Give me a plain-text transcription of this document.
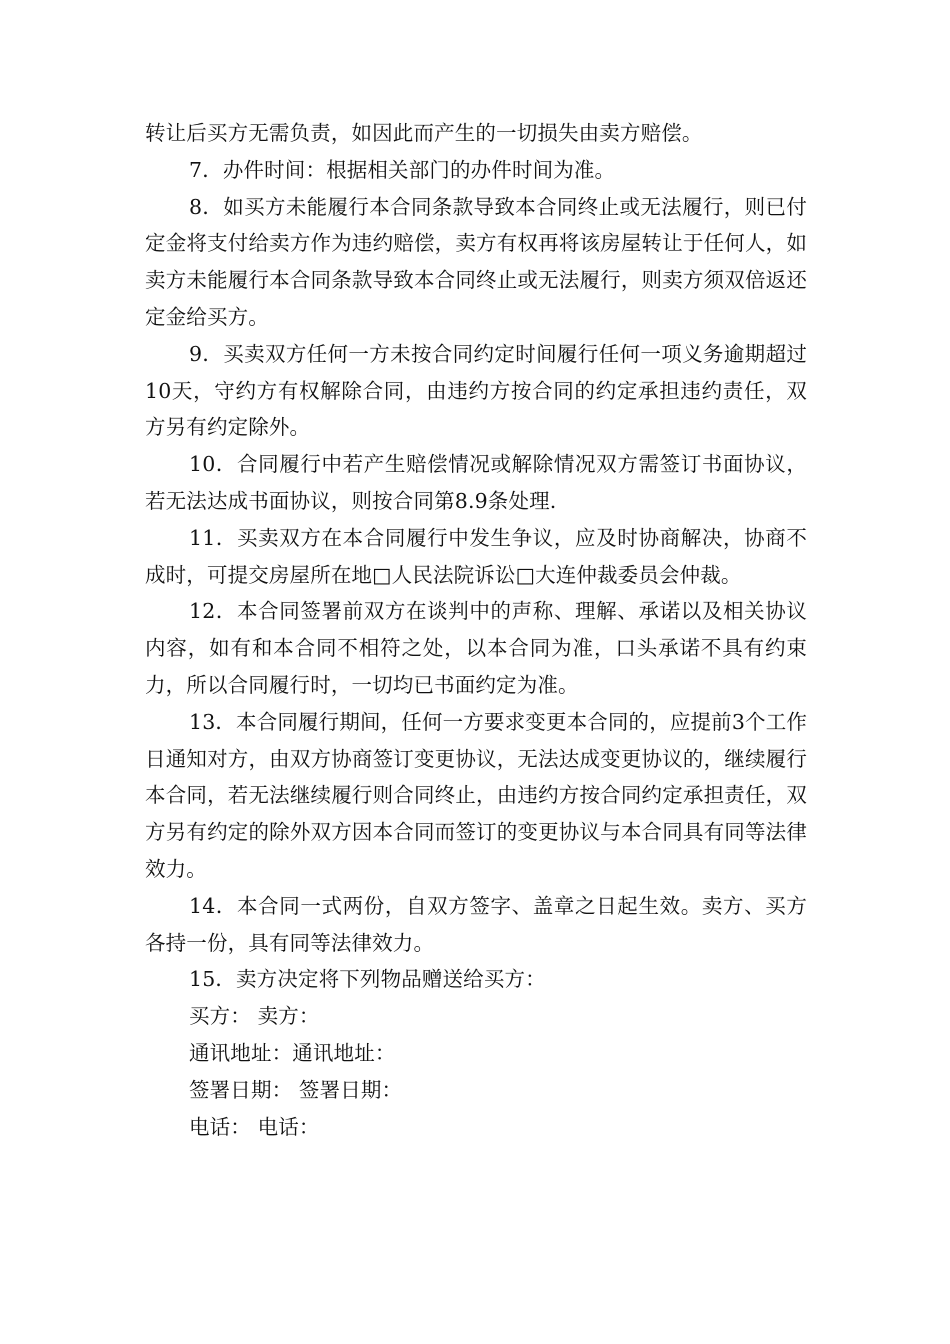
转让后买方无需负责，如因此而产生的一切损失由卖方赔偿。

7．办件时间：根据相关部门的办件时间为准。

8．如买方未能履行本合同条款导致本合同终止或无法履行，则已付定金将支付给卖方作为违约赔偿，卖方有权再将该房屋转让于任何人，如卖方未能履行本合同条款导致本合同终止或无法履行，则卖方须双倍返还定金给买方。

9．买卖双方任何一方未按合同约定时间履行任何一项义务逾期超过10天，守约方有权解除合同，由违约方按合同的约定承担违约责任，双方另有约定除外。

10．合同履行中若产生赔偿情况或解除情况双方需签订书面协议，若无法达成书面协议，则按合同第8.9条处理.

11．买卖双方在本合同履行中发生争议，应及时协商解决，协商不成时，可提交房屋所在地□人民法院诉讼□大连仲裁委员会仲裁。

12．本合同签署前双方在谈判中的声称、理解、承诺以及相关协议内容，如有和本合同不相符之处，以本合同为准，口头承诺不具有约束力，所以合同履行时，一切均已书面约定为准。

13．本合同履行期间，任何一方要求变更本合同的，应提前3个工作日通知对方，由双方协商签订变更协议，无法达成变更协议的，继续履行本合同，若无法继续履行则合同终止，由违约方按合同约定承担责任，双方另有约定的除外双方因本合同而签订的变更协议与本合同具有同等法律效力。

14．本合同一式两份，自双方签字、盖章之日起生效。卖方、买方各持一份，具有同等法律效力。

15．卖方决定将下列物品赠送给买方：

买方： 卖方：

通讯地址：通讯地址：

签署日期： 签署日期：

电话： 电话：
